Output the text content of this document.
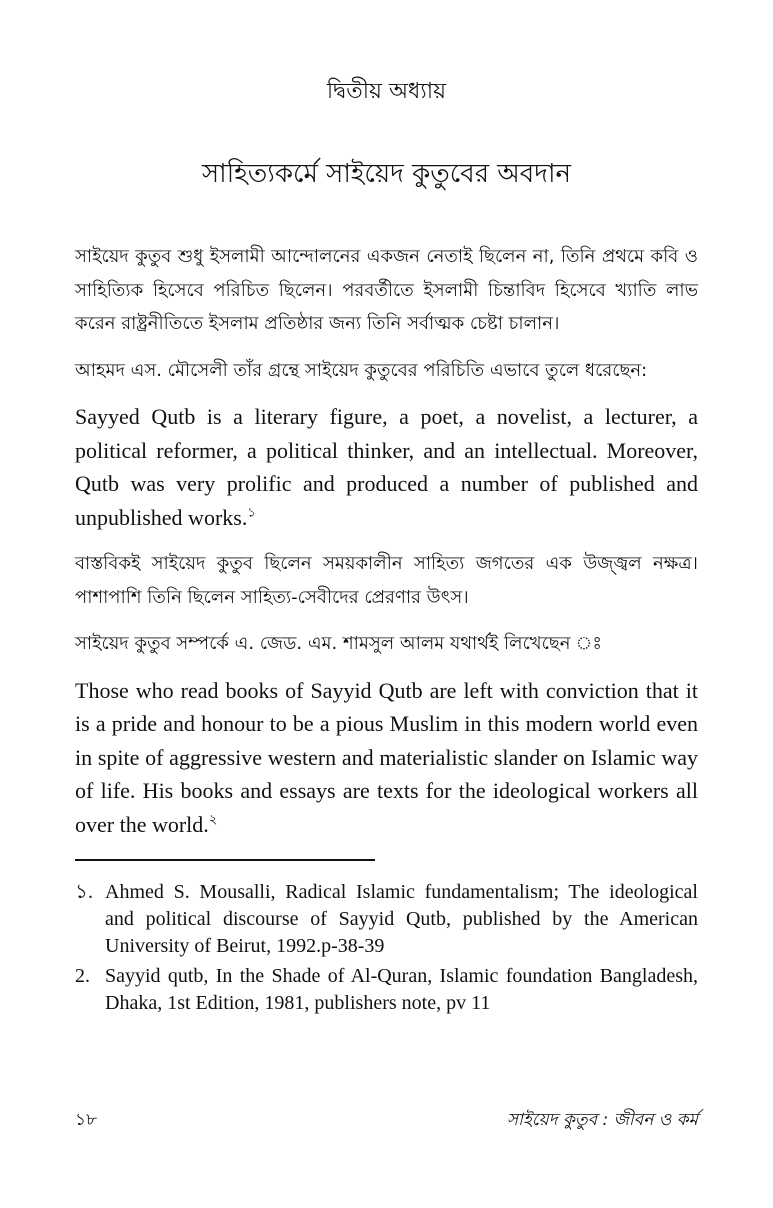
দ্বিতীয় অধ্যায়
সাহিত্যকর্মে সাইয়েদ কুতুবের অবদান

সাইয়েদ কুতুব শুধু ইসলামী আন্দোলনের একজন নেতাই ছিলেন না, তিনি প্রথমে কবি ও সাহিত্যিক হিসেবে পরিচিত ছিলেন। পরবর্তীতে ইসলামী চিন্তাবিদ হিসেবে খ্যাতি লাভ করেন রাষ্ট্রনীতিতে ইসলাম প্রতিষ্ঠার জন্য তিনি সর্বাত্মক চেষ্টা চালান।

আহমদ এস. মৌসেলী তাঁর গ্রন্থে সাইয়েদ কুতুবের পরিচিতি এভাবে তুলে ধরেছেন:

Sayyed Qutb is a literary figure, a poet, a novelist, a lecturer, a political reformer, a political thinker, and an intellectual. Moreover, Qutb was very prolific and produced a number of published and unpublished works.$^১$

বাস্তবিকই সাইয়েদ কুতুব ছিলেন সময়কালীন সাহিত্য জগতের এক উজ্জ্বল নক্ষত্র। পাশাপাশি তিনি ছিলেন সাহিত্য-সেবীদের প্রেরণার উৎস।

সাইয়েদ কুতুব সম্পর্কে এ. জেড. এম. শামসুল আলম যথার্থই লিখেছেন ঃ

Those who read books of Sayyid Qutb are left with conviction that it is a pride and honour to be a pious Muslim in this modern world even in spite of aggressive western and materialistic slander on Islamic way of life. His books and essays are texts for the ideological workers all over the world.$^২$

১. Ahmed S. Mousalli, Radical Islamic fundamentalism; The ideological and political discourse of Sayyid Qutb, published by the American University of Beirut, 1992.p-38-39
2. Sayyid qutb, In the Shade of Al-Quran, Islamic foundation Bangladesh, Dhaka, 1st Edition, 1981, publishers note, pv 11
১৮	সাইয়েদ কুতুব : জীবন ও কর্ম
